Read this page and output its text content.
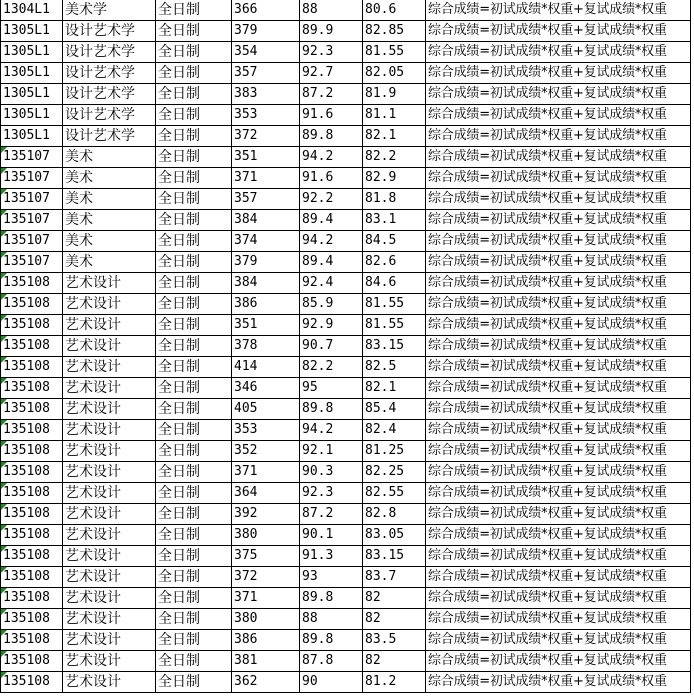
1304L1	美术学	全日制	366	88	80.6	综合成绩=初试成绩*权重+复试成绩*权重
1305L1	设计艺术学	全日制	379	89.9	82.85	综合成绩=初试成绩*权重+复试成绩*权重
1305L1	设计艺术学	全日制	354	92.3	81.55	综合成绩=初试成绩*权重+复试成绩*权重
1305L1	设计艺术学	全日制	357	92.7	82.05	综合成绩=初试成绩*权重+复试成绩*权重
1305L1	设计艺术学	全日制	383	87.2	81.9	综合成绩=初试成绩*权重+复试成绩*权重
1305L1	设计艺术学	全日制	353	91.6	81.1	综合成绩=初试成绩*权重+复试成绩*权重
1305L1	设计艺术学	全日制	372	89.8	82.1	综合成绩=初试成绩*权重+复试成绩*权重
135107	美术	全日制	351	94.2	82.2	综合成绩=初试成绩*权重+复试成绩*权重
135107	美术	全日制	371	91.6	82.9	综合成绩=初试成绩*权重+复试成绩*权重
135107	美术	全日制	357	92.2	81.8	综合成绩=初试成绩*权重+复试成绩*权重
135107	美术	全日制	384	89.4	83.1	综合成绩=初试成绩*权重+复试成绩*权重
135107	美术	全日制	374	94.2	84.5	综合成绩=初试成绩*权重+复试成绩*权重
135107	美术	全日制	379	89.4	82.6	综合成绩=初试成绩*权重+复试成绩*权重
135108	艺术设计	全日制	384	92.4	84.6	综合成绩=初试成绩*权重+复试成绩*权重
135108	艺术设计	全日制	386	85.9	81.55	综合成绩=初试成绩*权重+复试成绩*权重
135108	艺术设计	全日制	351	92.9	81.55	综合成绩=初试成绩*权重+复试成绩*权重
135108	艺术设计	全日制	378	90.7	83.15	综合成绩=初试成绩*权重+复试成绩*权重
135108	艺术设计	全日制	414	82.2	82.5	综合成绩=初试成绩*权重+复试成绩*权重
135108	艺术设计	全日制	346	95	82.1	综合成绩=初试成绩*权重+复试成绩*权重
135108	艺术设计	全日制	405	89.8	85.4	综合成绩=初试成绩*权重+复试成绩*权重
135108	艺术设计	全日制	353	94.2	82.4	综合成绩=初试成绩*权重+复试成绩*权重
135108	艺术设计	全日制	352	92.1	81.25	综合成绩=初试成绩*权重+复试成绩*权重
135108	艺术设计	全日制	371	90.3	82.25	综合成绩=初试成绩*权重+复试成绩*权重
135108	艺术设计	全日制	364	92.3	82.55	综合成绩=初试成绩*权重+复试成绩*权重
135108	艺术设计	全日制	392	87.2	82.8	综合成绩=初试成绩*权重+复试成绩*权重
135108	艺术设计	全日制	380	90.1	83.05	综合成绩=初试成绩*权重+复试成绩*权重
135108	艺术设计	全日制	375	91.3	83.15	综合成绩=初试成绩*权重+复试成绩*权重
135108	艺术设计	全日制	372	93	83.7	综合成绩=初试成绩*权重+复试成绩*权重
135108	艺术设计	全日制	371	89.8	82	综合成绩=初试成绩*权重+复试成绩*权重
135108	艺术设计	全日制	380	88	82	综合成绩=初试成绩*权重+复试成绩*权重
135108	艺术设计	全日制	386	89.8	83.5	综合成绩=初试成绩*权重+复试成绩*权重
135108	艺术设计	全日制	381	87.8	82	综合成绩=初试成绩*权重+复试成绩*权重
135108	艺术设计	全日制	362	90	81.2	综合成绩=初试成绩*权重+复试成绩*权重
